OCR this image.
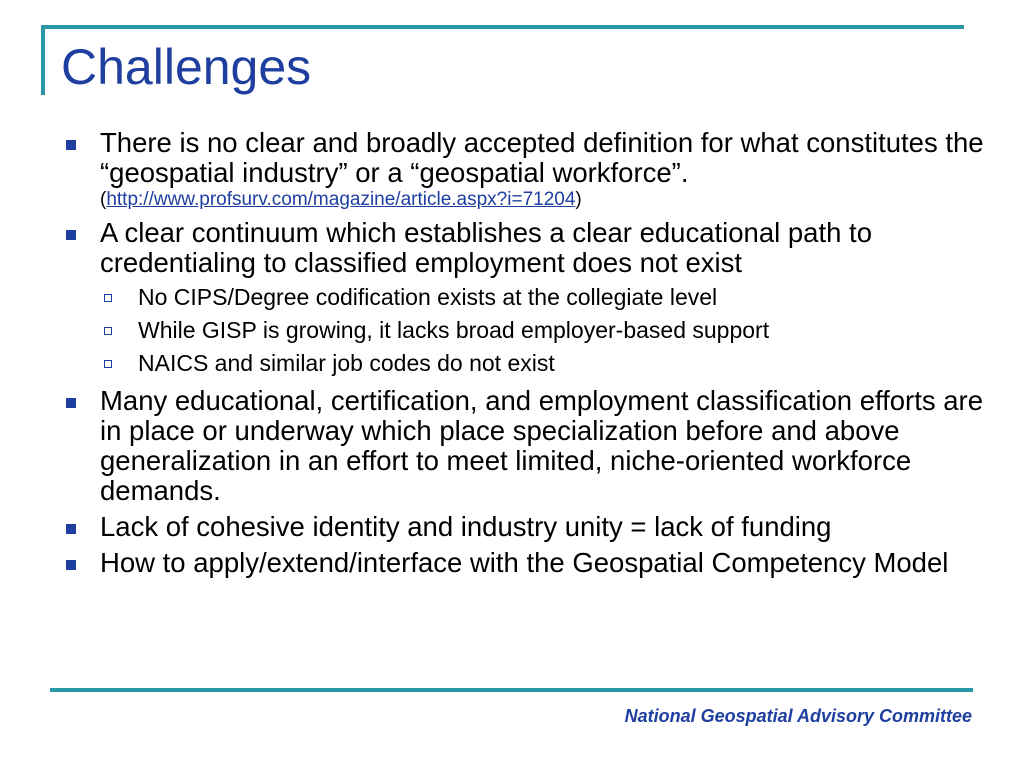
Challenges
There is no clear and broadly accepted definition for what constitutes the “geospatial industry” or a “geospatial workforce”.
(http://www.profsurv.com/magazine/article.aspx?i=71204)
A clear continuum which establishes a clear educational path to credentialing to classified employment does not exist
No CIPS/Degree codification exists at the collegiate level
While GISP is growing, it lacks broad employer-based support
NAICS and similar job codes do not exist
Many educational, certification, and employment classification efforts are in place or underway which place specialization before and above generalization in an effort to meet limited, niche-oriented workforce demands.
Lack of cohesive identity and industry unity = lack of funding
How to apply/extend/interface with the Geospatial Competency Model
National Geospatial Advisory Committee
